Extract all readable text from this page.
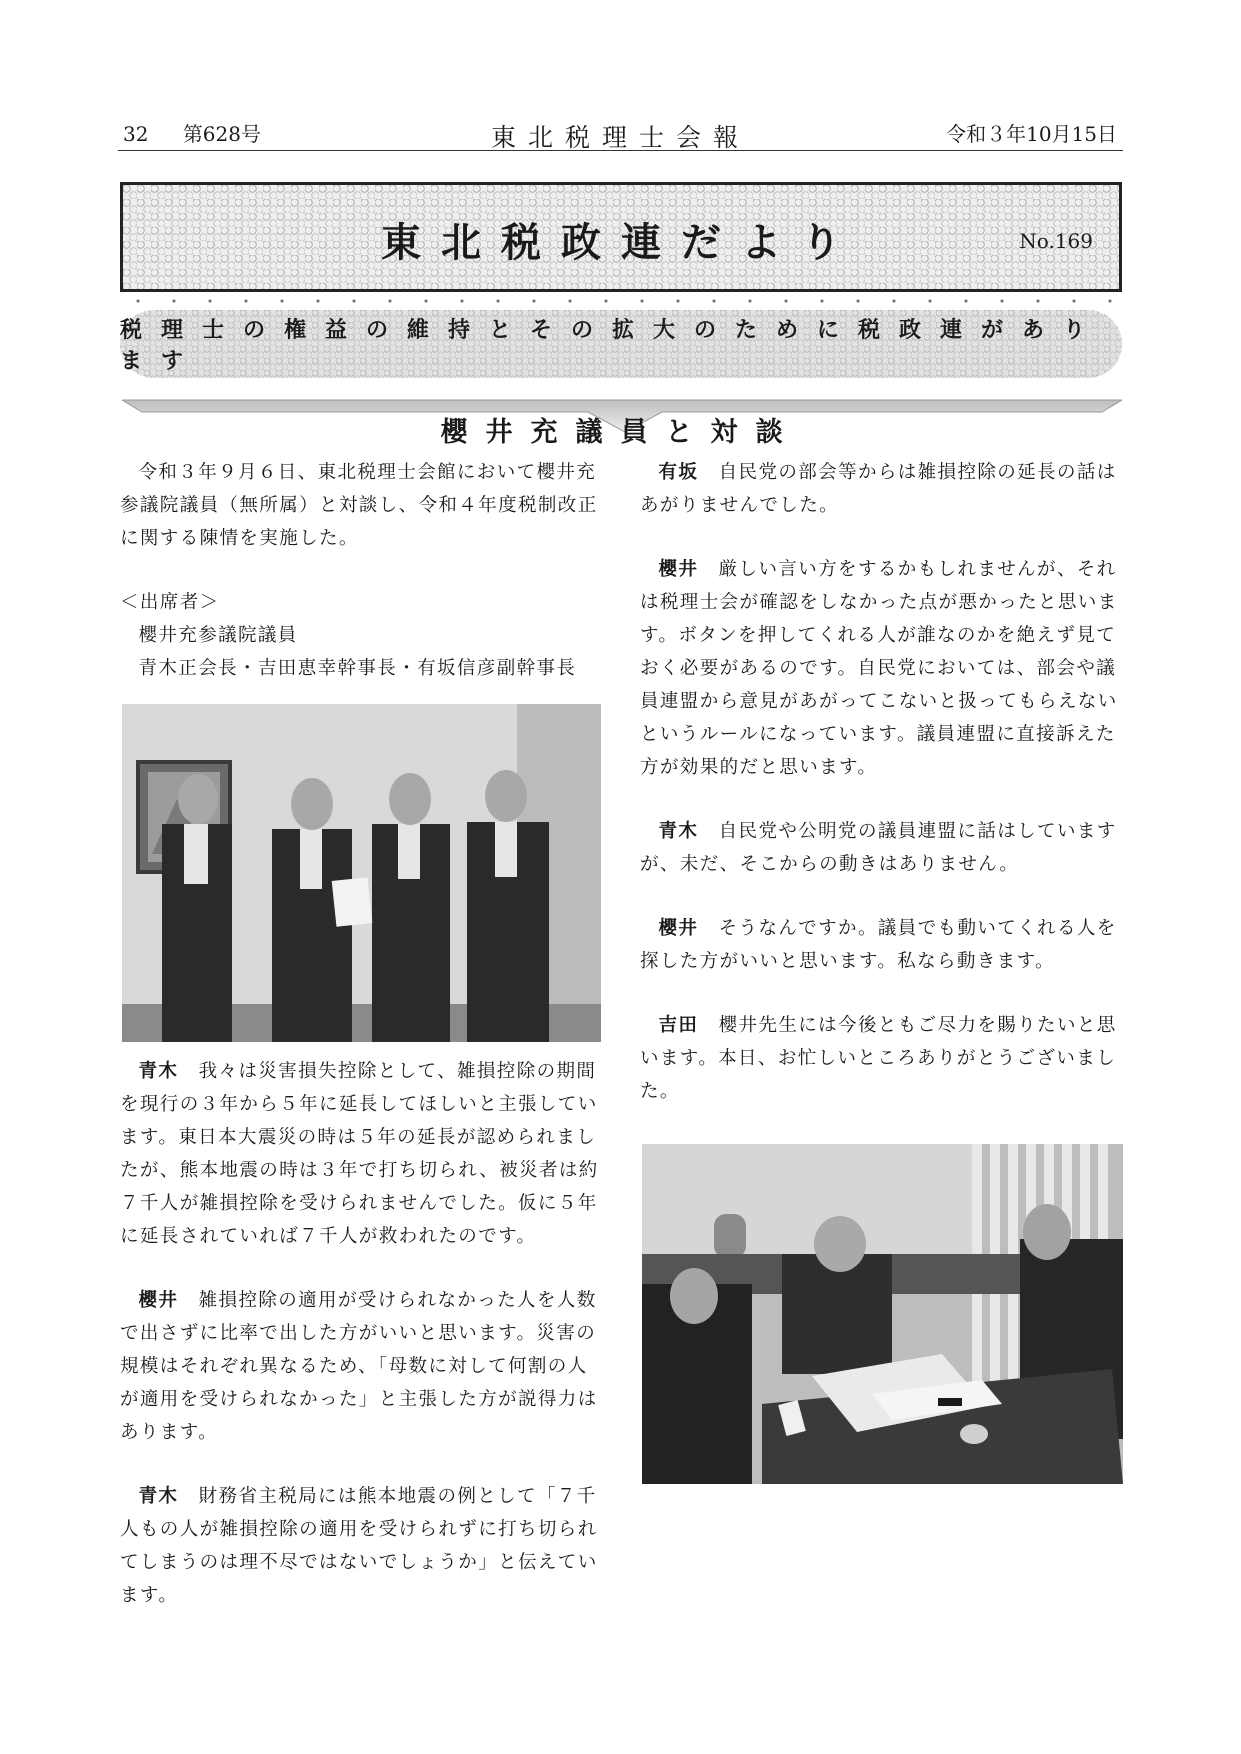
32 第628号	東北税理士会報	令和３年10月15日
東北税政連だより	No.169
税理士の権益の維持とその拡大のために税政連があります
櫻井充議員と対談

令和３年９月６日、東北税理士会館において櫻井充参議院議員（無所属）と対談し、令和４年度税制改正に関する陳情を実施した。

＜出席者＞

櫻井充参議院議員

青木正会長・吉田恵幸幹事長・有坂信彦副幹事長

青木 我々は災害損失控除として、雑損控除の期間を現行の３年から５年に延長してほしいと主張しています。東日本大震災の時は５年の延長が認められましたが、熊本地震の時は３年で打ち切られ、被災者は約７千人が雑損控除を受けられませんでした。仮に５年に延長されていれば７千人が救われたのです。

櫻井 雑損控除の適用が受けられなかった人を人数で出さずに比率で出した方がいいと思います。災害の規模はそれぞれ異なるため、「母数に対して何割の人が適用を受けられなかった」と主張した方が説得力はあります。

青木 財務省主税局には熊本地震の例として「７千人もの人が雑損控除の適用を受けられずに打ち切られてしまうのは理不尽ではないでしょうか」と伝えています。

有坂 自民党の部会等からは雑損控除の延長の話はあがりませんでした。

櫻井 厳しい言い方をするかもしれませんが、それは税理士会が確認をしなかった点が悪かったと思います。ボタンを押してくれる人が誰なのかを絶えず見ておく必要があるのです。自民党においては、部会や議員連盟から意見があがってこないと扱ってもらえないというルールになっています。議員連盟に直接訴えた方が効果的だと思います。

青木 自民党や公明党の議員連盟に話はしていますが、未だ、そこからの動きはありません。

櫻井 そうなんですか。議員でも動いてくれる人を探した方がいいと思います。私なら動きます。

吉田 櫻井先生には今後ともご尽力を賜りたいと思います。本日、お忙しいところありがとうございました。
